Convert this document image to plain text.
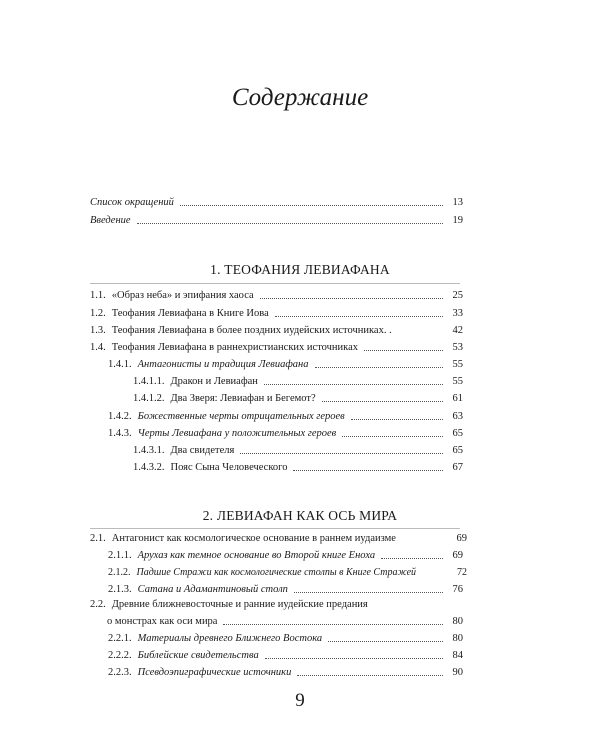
Содержание
Список окращений	13
Введение	19
1. ТЕОФАНИЯ ЛЕВИАФАНА
1.1. «Образ неба» и эпифания хаоса	25
1.2. Теофания Левиафана в Книге Иова	33
1.3. Теофания Левиафана в более поздних иудейских источниках. .	42
1.4. Теофания Левиафана в раннехристианских источниках	53
1.4.1. Антагонисты и традиция Левиафана	55
1.4.1.1. Дракон и Левиафан	55
1.4.1.2. Два Зверя: Левиафан и Бегемот?	61
1.4.2. Божественные черты отрицательных героев	63
1.4.3. Черты Левиафана у положительных героев	65
1.4.3.1. Два свидетеля	65
1.4.3.2. Пояс Сына Человеческого	67
2. ЛЕВИАФАН КАК ОСЬ МИРА
2.1. Антагонист как космологическое основание в раннем иудаизме	69
2.1.1. Арухаз как темное основание во Второй книге Еноха	69
2.1.2. Падшие Стражи как космологические столпы в Книге Стражей	72
2.1.3. Сатана и Адамантиновый столп	76
2.2. Древние ближневосточные и ранние иудейские предания
о монстрах как оси мира	80
2.2.1. Материалы древнего Ближнего Востока	80
2.2.2. Библейские свидетельства	84
2.2.3. Псевдоэпиграфические источники	90
9
